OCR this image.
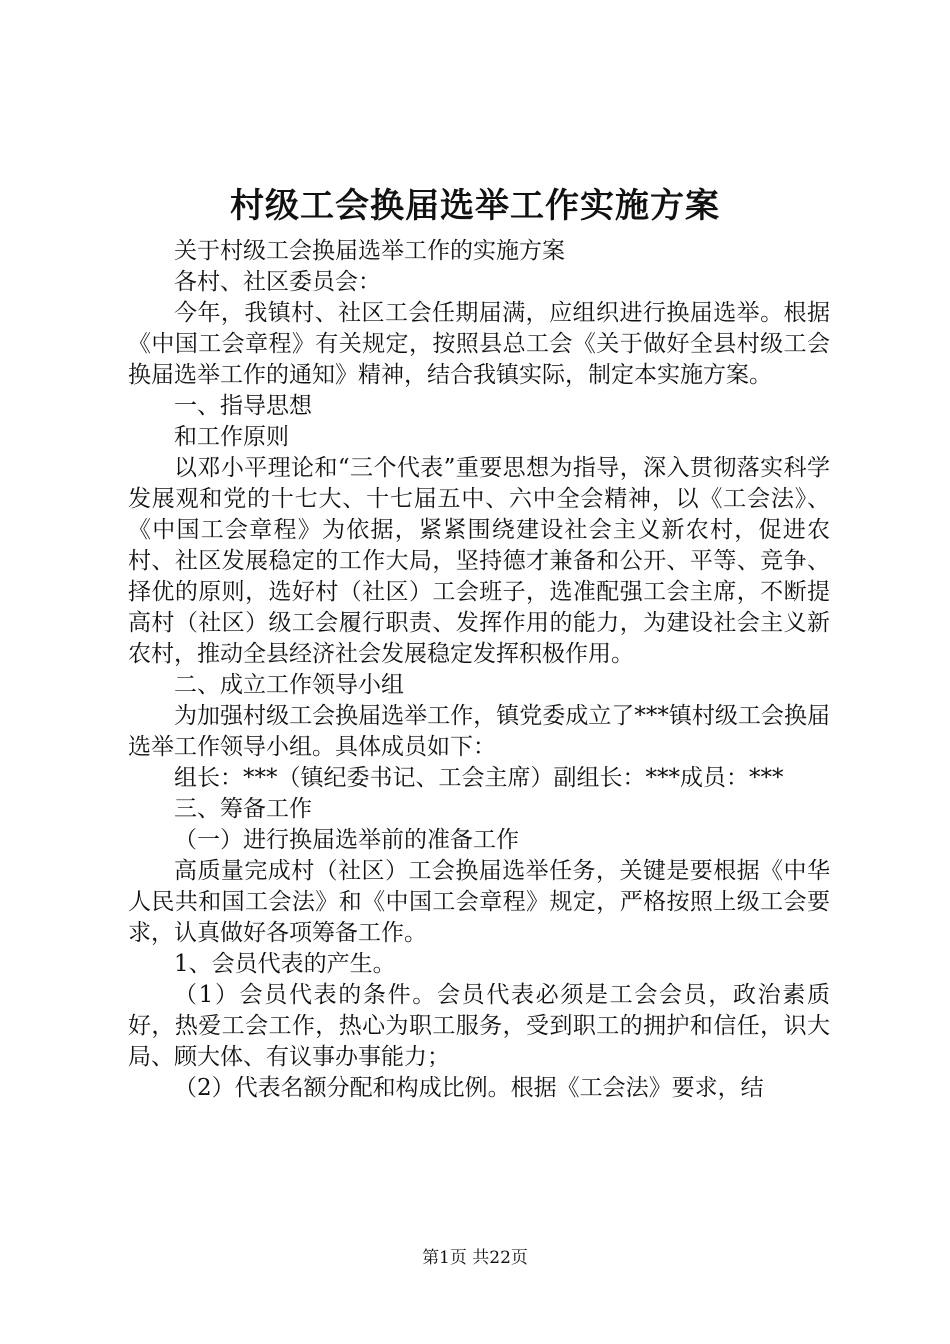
村级工会换届选举工作实施方案

关于村级工会换届选举工作的实施方案

各村、社区委员会：

今年，我镇村、社区工会任期届满，应组织进行换届选举。根据《中国工会章程》有关规定，按照县总工会《关于做好全县村级工会换届选举工作的通知》精神，结合我镇实际，制定本实施方案。

一、指导思想

和工作原则

以邓小平理论和“三个代表”重要思想为指导，深入贯彻落实科学发展观和党的十七大、十七届五中、六中全会精神，以《工会法》、《中国工会章程》为依据，紧紧围绕建设社会主义新农村，促进农村、社区发展稳定的工作大局，坚持德才兼备和公开、平等、竞争、择优的原则，选好村（社区）工会班子，选准配强工会主席，不断提高村（社区）级工会履行职责、发挥作用的能力，为建设社会主义新农村，推动全县经济社会发展稳定发挥积极作用。

二、成立工作领导小组

为加强村级工会换届选举工作，镇党委成立了***镇村级工会换届选举工作领导小组。具体成员如下：

组长：***（镇纪委书记、工会主席）副组长：***成员：***

三、筹备工作

（一）进行换届选举前的准备工作

高质量完成村（社区）工会换届选举任务，关键是要根据《中华人民共和国工会法》和《中国工会章程》规定，严格按照上级工会要求，认真做好各项筹备工作。

1、会员代表的产生。

（1）会员代表的条件。会员代表必须是工会会员，政治素质好，热爱工会工作，热心为职工服务，受到职工的拥护和信任，识大局、顾大体、有议事办事能力；

（2）代表名额分配和构成比例。根据《工会法》要求，结

第1页 共22页
